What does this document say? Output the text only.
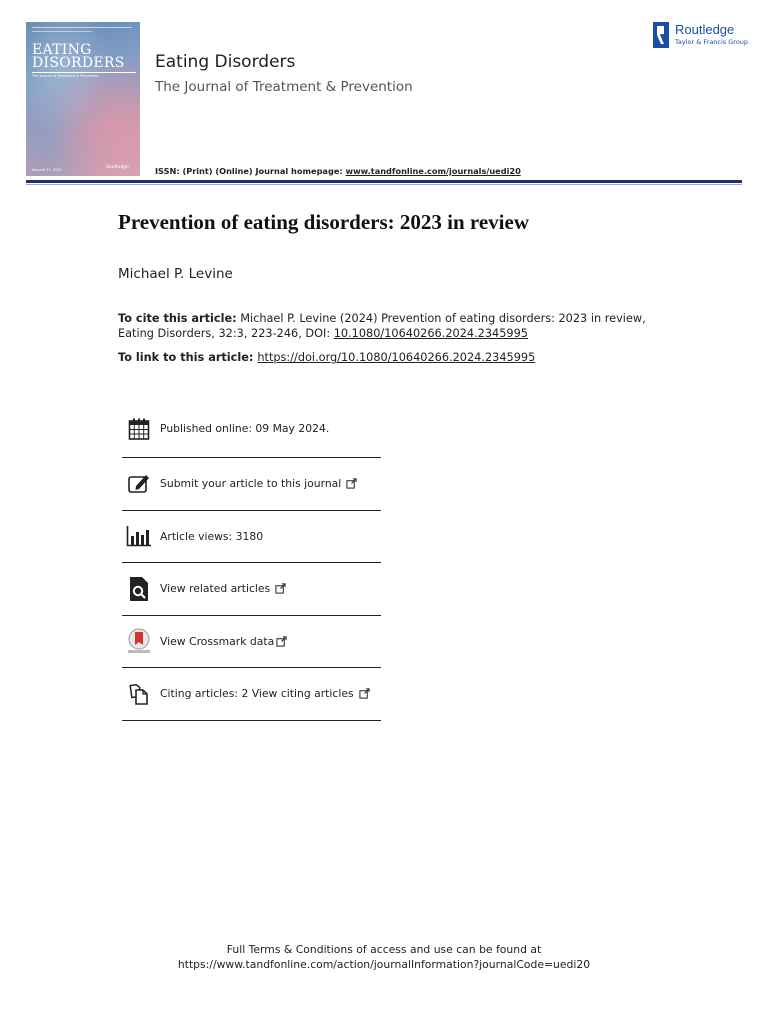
EATING
DISORDERS
The Journal of Treatment & Prevention
Volume 32, 2024	Routledge
Eating Disorders
The Journal of Treatment & Prevention
ISSN: (Print) (Online) Journal homepage: www.tandfonline.com/journals/uedi20
Routledge
Taylor & Francis Group
Prevention of eating disorders: 2023 in review
Michael P. Levine
To cite this article: Michael P. Levine (2024) Prevention of eating disorders: 2023 in review, Eating Disorders, 32:3, 223-246, DOI: 10.1080/10640266.2024.2345995
To link to this article: https://doi.org/10.1080/10640266.2024.2345995
Published online: 09 May 2024.
Submit your article to this journal
Article views: 3180
View related articles
View Crossmark data
Citing articles: 2 View citing articles
Full Terms & Conditions of access and use can be found at
https://www.tandfonline.com/action/journalInformation?journalCode=uedi20
